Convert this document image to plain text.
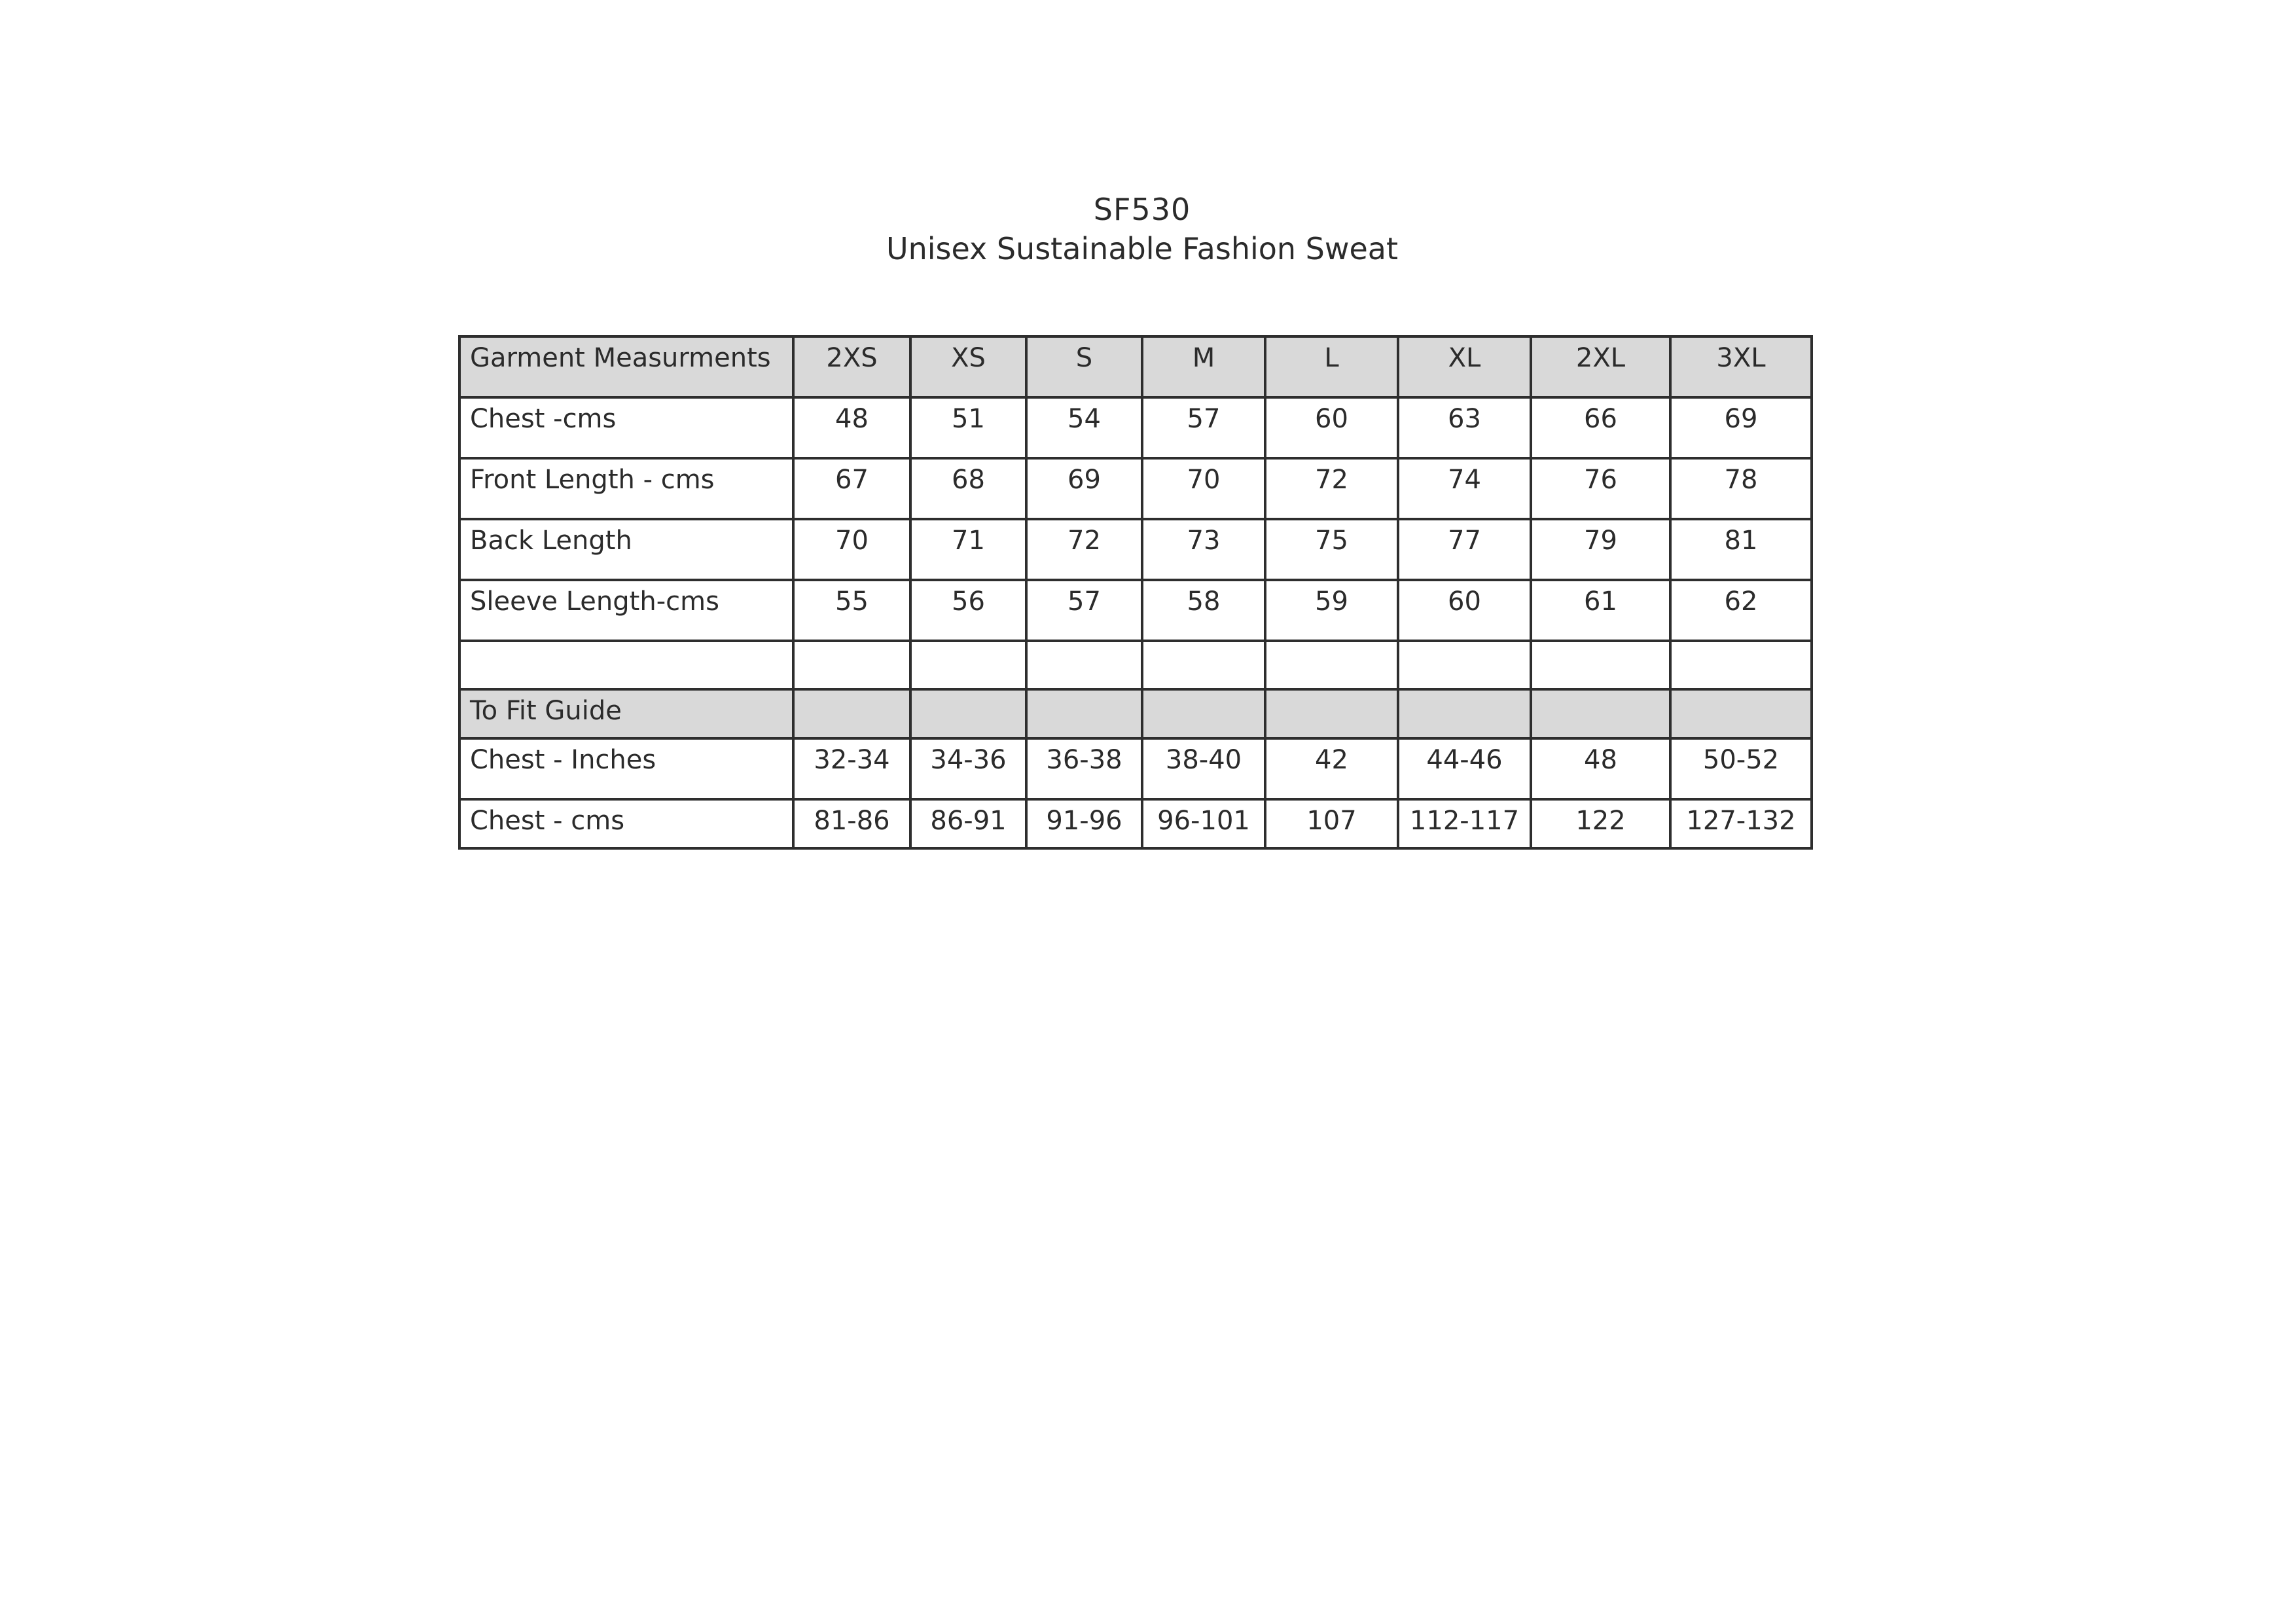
SF530
Unisex Sustainable Fashion Sweat
Garment Measurments	2XS	XS	S	M	L	XL	2XL	3XL
Chest -cms	48	51	54	57	60	63	66	69
Front Length - cms	67	68	69	70	72	74	76	78
Back Length	70	71	72	73	75	77	79	81
Sleeve Length-cms	55	56	57	58	59	60	61	62

To Fit Guide								
Chest - Inches	32-34	34-36	36-38	38-40	42	44-46	48	50-52
Chest - cms	81-86	86-91	91-96	96-101	107	112-117	122	127-132
